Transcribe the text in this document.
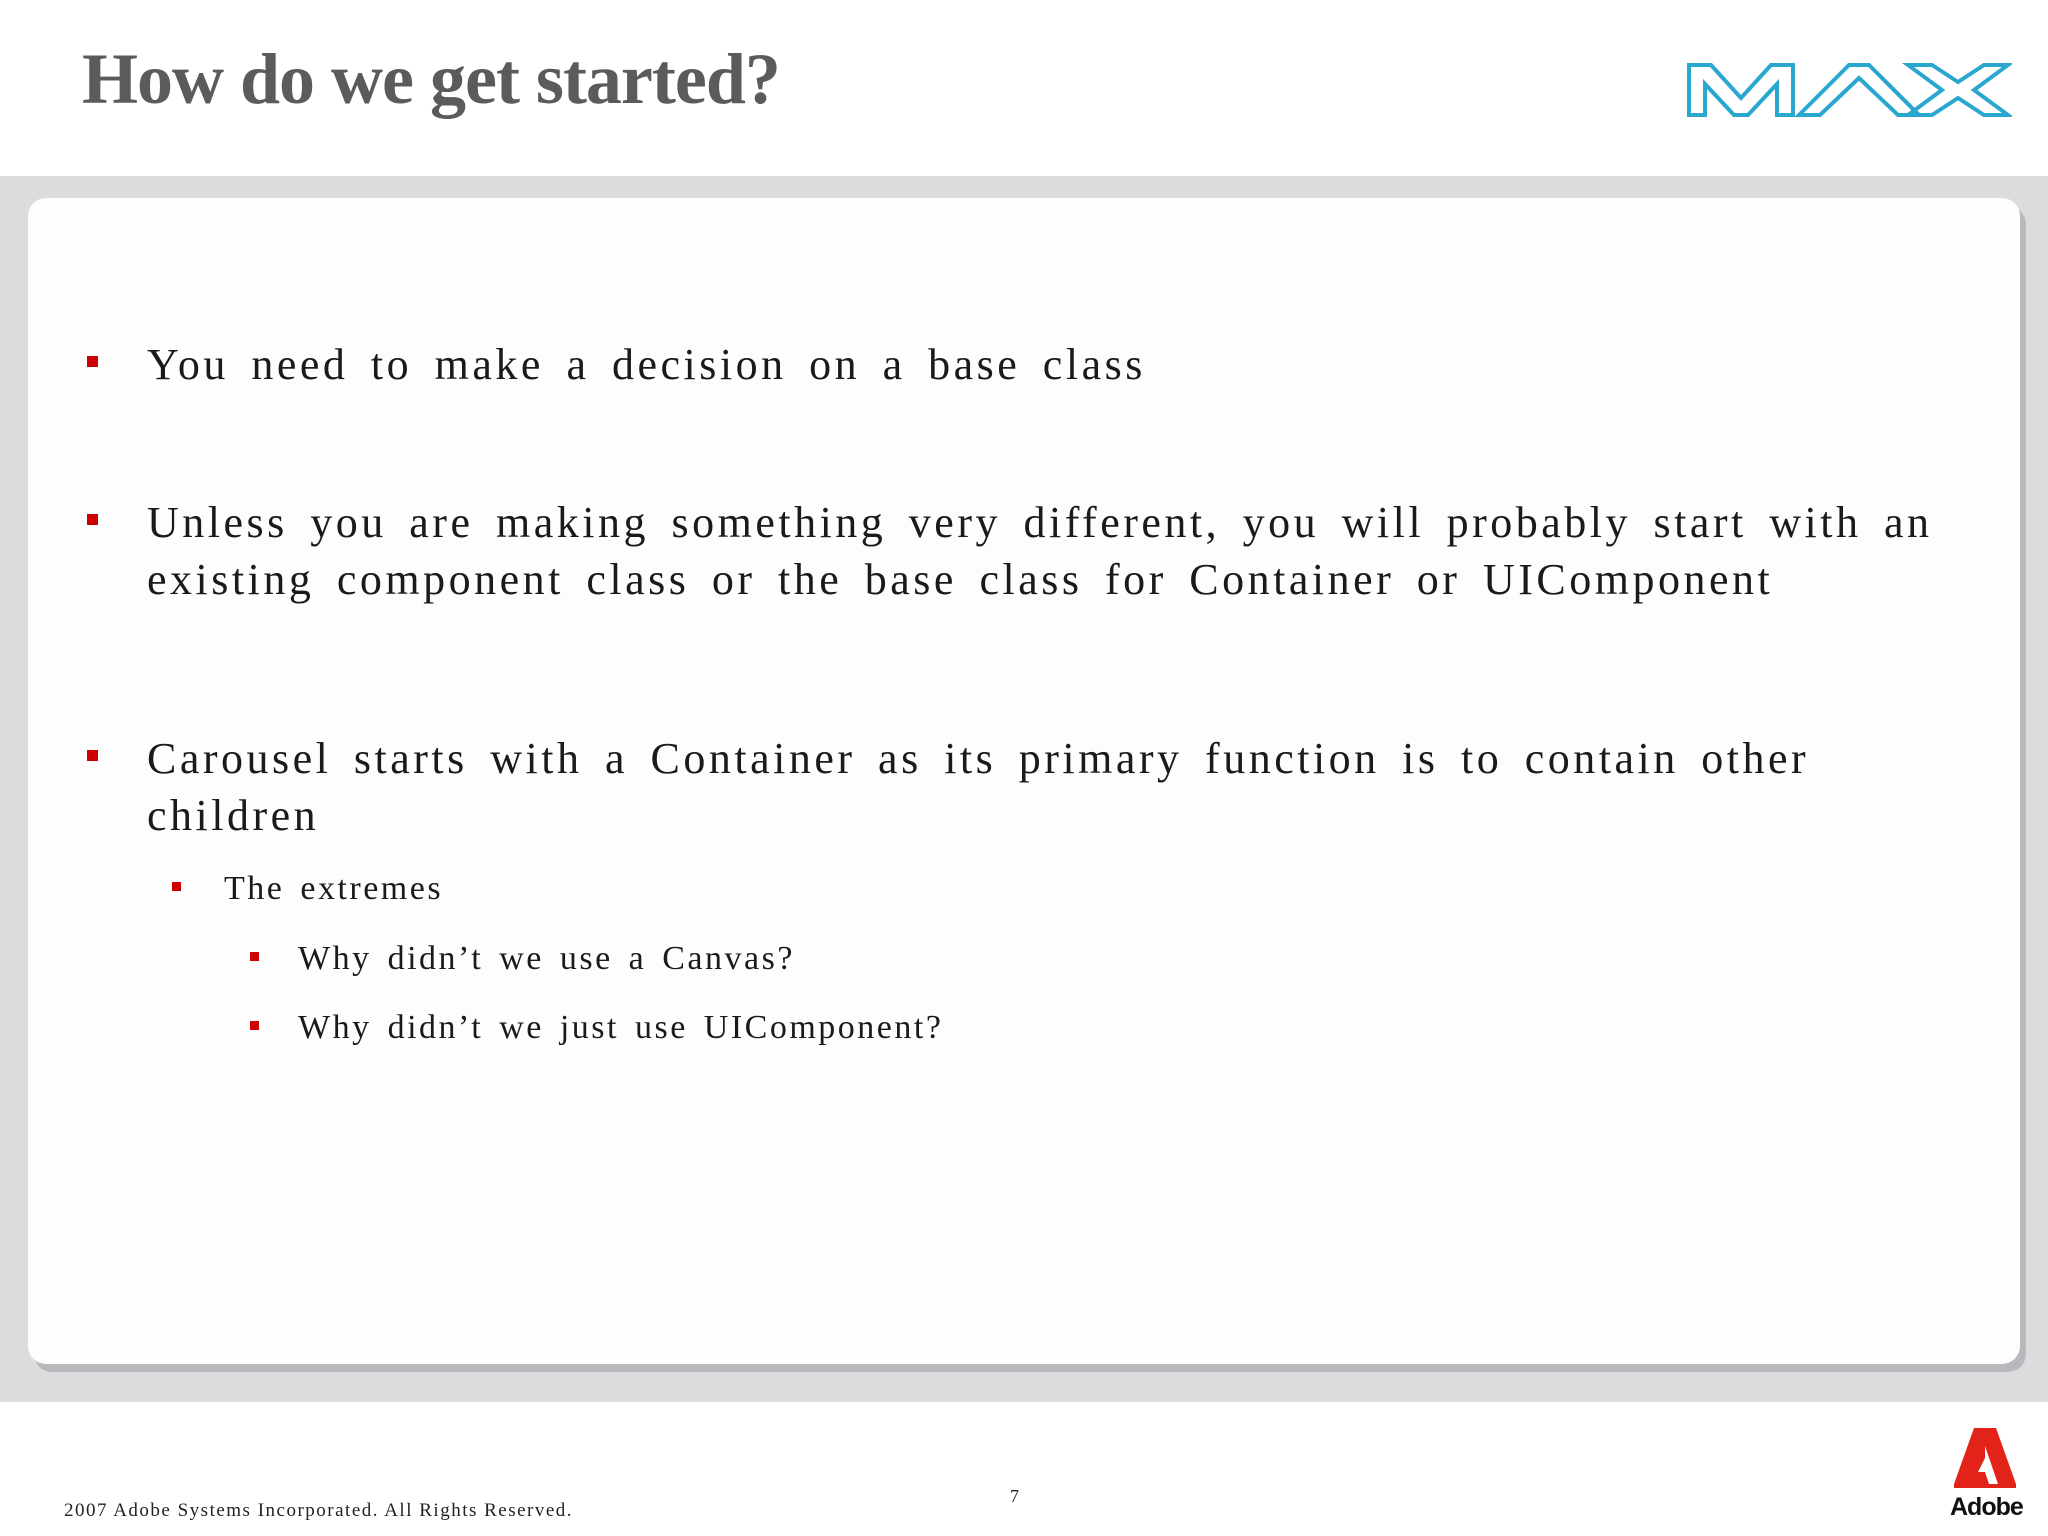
How do we get started?

You need to make a decision on a base class

Unless you are making something very different, you will probably start with an existing component class or the base class for Container or UIComponent

Carousel starts with a Container as its primary function is to contain other children

The extremes

Why didn’t we use a Canvas?

Why didn’t we just use UIComponent?

2007 Adobe Systems Incorporated. All Rights Reserved.
7	Adobe
